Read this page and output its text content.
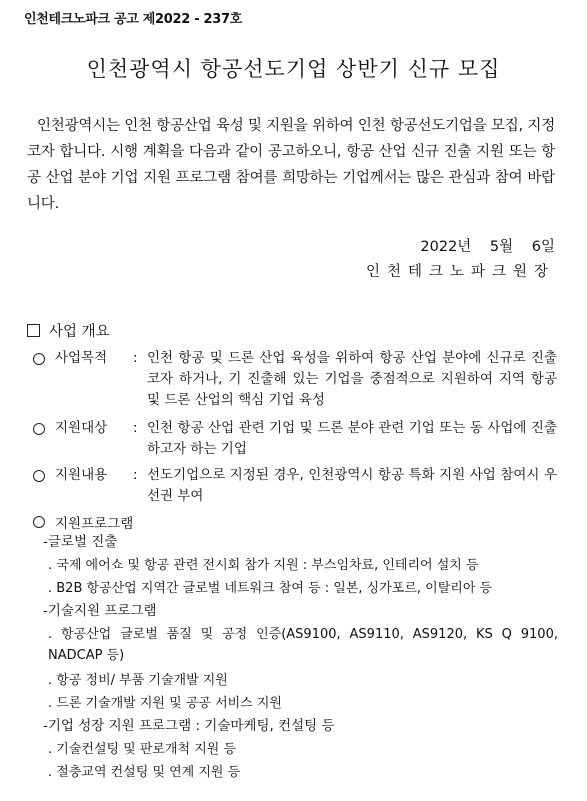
인천테크노파크 공고 제2022 - 237호
인천광역시 항공선도기업 상반기 신규 모집
인천광역시는 인천 항공산업 육성 및 지원을 위하여 인천 항공선도기업을 모집, 지정코자 합니다. 시행 계획을 다음과 같이 공고하오니, 항공 산업 신규 진출 지원 또는 항공 산업 분야 기업 지원 프로그램 참여를 희망하는 기업께서는 많은 관심과 참여 바랍니다.
2022년 5월 6일
인천테크노파크원장
사업 개요
사업목적	: 인천 항공 및 드론 산업 육성을 위하여 항공 산업 분야에 신규로 진출코자 하거나, 기 진출해 있는 기업을 중점적으로 지원하여 지역 항공 및 드론 산업의 핵심 기업 육성
지원대상	: 인천 항공 산업 관련 기업 및 드론 분야 관련 기업 또는 동 사업에 진출하고자 하는 기업
지원내용	: 선도기업으로 지정된 경우, 인천광역시 항공 특화 지원 사업 참여시 우선권 부여
지원프로그램
-글로벌 진출
. 국제 에어쇼 및 항공 관련 전시회 참가 지원 : 부스임차료, 인테리어 설치 등
. B2B 항공산업 지역간 글로벌 네트워크 참여 등 : 일본, 싱가포르, 이탈리아 등
-기술지원 프로그램
. 항공산업 글로벌 품질 및 공정 인증(AS9100, AS9110, AS9120, KS Q 9100, NADCAP 등)
. 항공 정비/ 부품 기술개발 지원
. 드론 기술개발 지원 및 공공 서비스 지원
-기업 성장 지원 프로그램 : 기술마케팅, 컨설팅 등
. 기술컨설팅 및 판로개척 지원 등
. 절충교역 컨설팅 및 연계 지원 등
